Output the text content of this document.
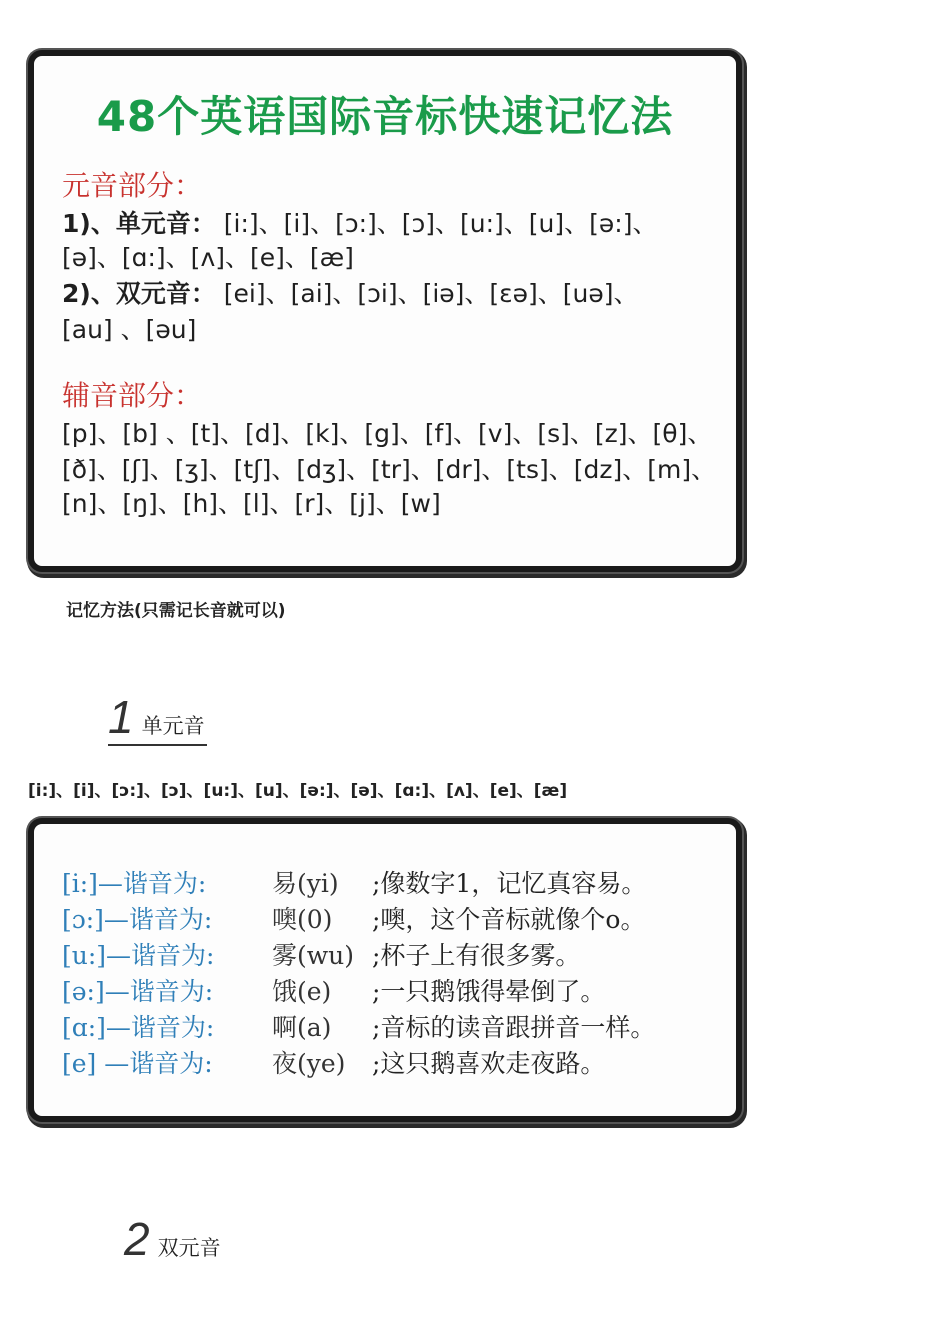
48个英语国际音标快速记忆法
元音部分：
1)、单元音： [i:]、[i]、[ɔ:]、[ɔ]、[u:]、[u]、[ə:]、
[ə]、[ɑ:]、[ʌ]、[e]、[æ]
2)、双元音： [ei]、[ai]、[ɔi]、[iə]、[ɛə]、[uə]、
[au] 、[əu]
辅音部分：
[p]、[b] 、[t]、[d]、[k]、[g]、[f]、[v]、[s]、[z]、[θ]、
[ð]、[ʃ]、[ʒ]、[tʃ]、[dʒ]、[tr]、[dr]、[ts]、[dz]、[m]、
[n]、[ŋ]、[h]、[l]、[r]、[j]、[w]
记忆方法(只需记长音就可以)
1 单元音
[i:]、[i]、[ɔ:]、[ɔ]、[u:]、[u]、[ə:]、[ə]、[ɑ:]、[ʌ]、[e]、[æ]
[i:]—谐音为:	易(yi) ;像数字1，记忆真容易。
[ɔ:]—谐音为: 噢(0) ;噢，这个音标就像个o。
[u:]—谐音为: 雾(wu) ;杯子上有很多雾。
[ə:]—谐音为: 饿(e) ;一只鹅饿得晕倒了。
[ɑ:]—谐音为: 啊(a) ;音标的读音跟拼音一样。
[e] —谐音为: 夜(ye) ;这只鹅喜欢走夜路。
2 双元音
